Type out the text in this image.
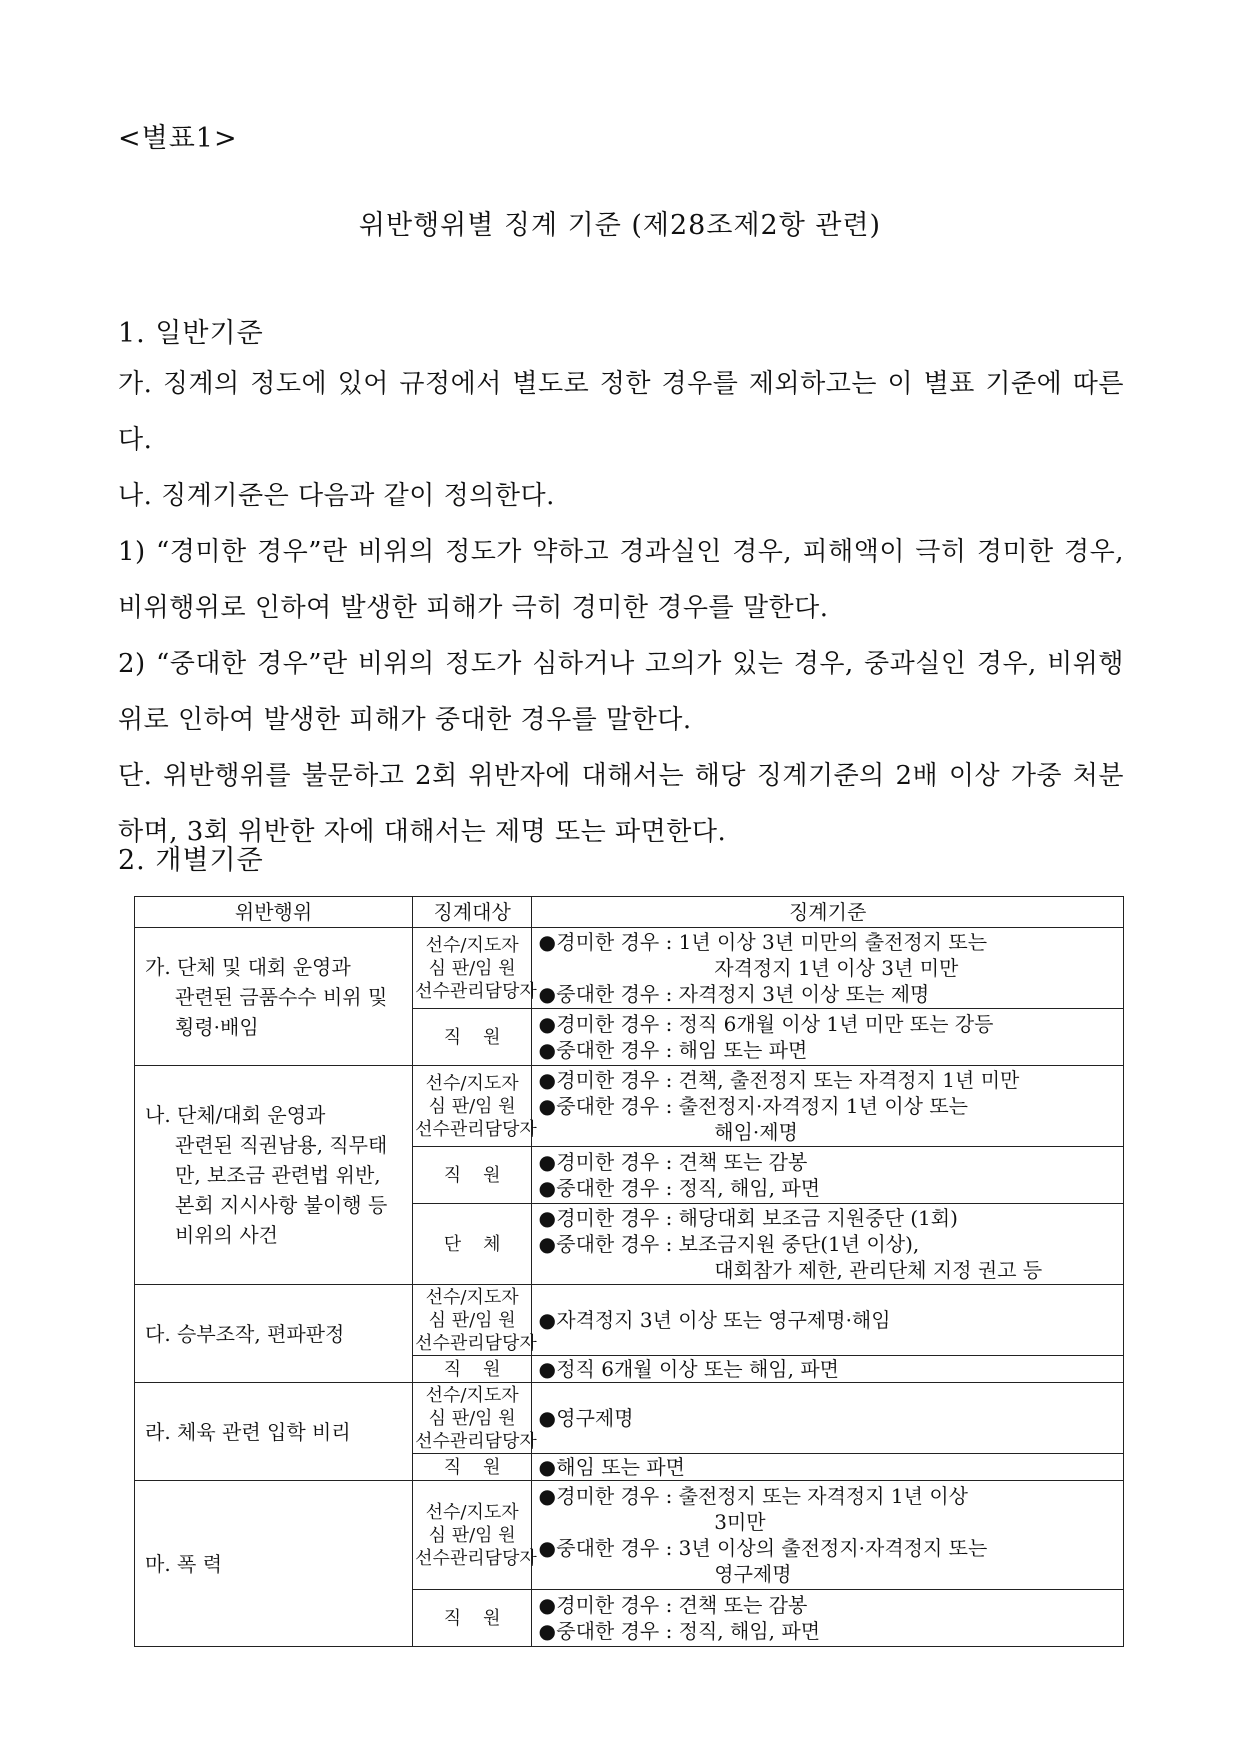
<별표1>
위반행위별 징계 기준 (제28조제2항 관련)
1. 일반기준

가. 징계의 정도에 있어 규정에서 별도로 정한 경우를 제외하고는 이 별표 기준에 따른다.

나. 징계기준은 다음과 같이 정의한다.

1) “경미한 경우”란 비위의 정도가 약하고 경과실인 경우, 피해액이 극히 경미한 경우, 비위행위로 인하여 발생한 피해가 극히 경미한 경우를 말한다.

2) “중대한 경우”란 비위의 정도가 심하거나 고의가 있는 경우, 중과실인 경우, 비위행위로 인하여 발생한 피해가 중대한 경우를 말한다.

단. 위반행위를 불문하고 2회 위반자에 대해서는 해당 징계기준의 2배 이상 가중 처분하며, 3회 위반한 자에 대해서는 제명 또는 파면한다.

2. 개별기준
위반행위	징계대상	징계기준

가. 단체 및 대회 운영과
관련된 금품수수 비위 및 횡령·배임	선수/지도자
심 판/임 원
선수관리담당자	●경미한 경우 : 1년 이상 3년 미만의 출전정지 또는
자격정지 1년 이상 3년 미만
●중대한 경우 : 자격정지 3년 이상 또는 제명

	직원	●경미한 경우 : 정직 6개월 이상 1년 미만 또는 강등
●중대한 경우 : 해임 또는 파면

나. 단체/대회 운영과
관련된 직권남용, 직무태만, 보조금 관련법 위반, 본회 지시사항 불이행 등 비위의 사건	선수/지도자
심 판/임 원
선수관리담당자	●경미한 경우 : 견책, 출전정지 또는 자격정지 1년 미만
●중대한 경우 : 출전정지·자격정지 1년 이상 또는
해임·제명

	직원	●경미한 경우 : 견책 또는 감봉
●중대한 경우 : 정직, 해임, 파면

	단체	●경미한 경우 : 해당대회 보조금 지원중단 (1회)
●중대한 경우 : 보조금지원 중단(1년 이상),
대회참가 제한, 관리단체 지정 권고 등

다. 승부조작, 편파판정	선수/지도자
심 판/임 원
선수관리담당자	●자격정지 3년 이상 또는 영구제명·해임

	직원	●정직 6개월 이상 또는 해임, 파면

라. 체육 관련 입학 비리	선수/지도자
심 판/임 원
선수관리담당자	●영구제명

	직원	●해임 또는 파면

마. 폭 력	선수/지도자
심 판/임 원
선수관리담당자	●경미한 경우 : 출전정지 또는 자격정지 1년 이상
3미만
●중대한 경우 : 3년 이상의 출전정지·자격정지 또는
영구제명

	직원	●경미한 경우 : 견책 또는 감봉
●중대한 경우 : 정직, 해임, 파면
